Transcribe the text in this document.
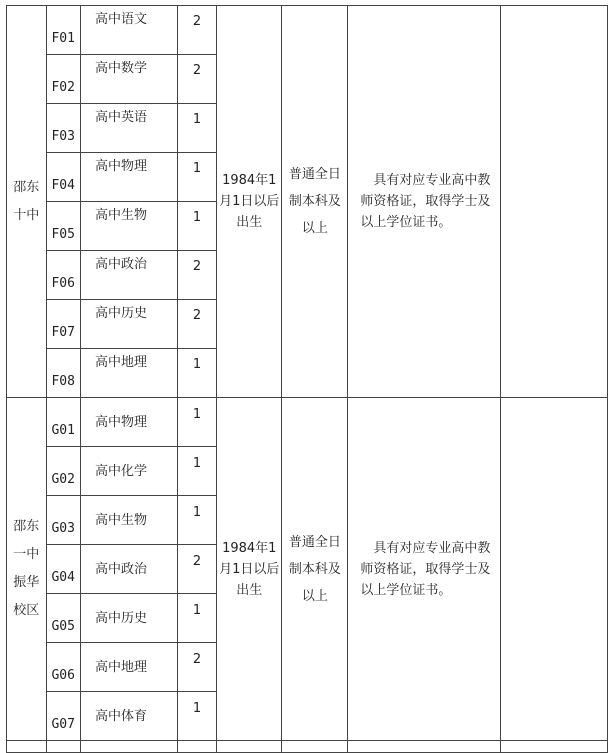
邵东
十中	F01	高中语文	2	1984年1月1日以后出生	普通全日制本科及以上	具有对应专业高中教师资格证，取得学士及以上学位证书。	

	F02	高中数学	2				
	F03	高中英语	1				
	F04	高中物理	1				
	F05	高中生物	1				
	F06	高中政治	2				
	F07	高中历史	2				
	F08	高中地理	1				

邵东
一中
振华
校区	G01	高中物理	1	1984年1月1日以后出生	普通全日制本科及以上	具有对应专业高中教师资格证，取得学士及以上学位证书。	

	G02	高中化学	1				
	G03	高中生物	1				
	G04	高中政治	2				
	G05	高中历史	1				
	G06	高中地理	2				
	G07	高中体育	1				
